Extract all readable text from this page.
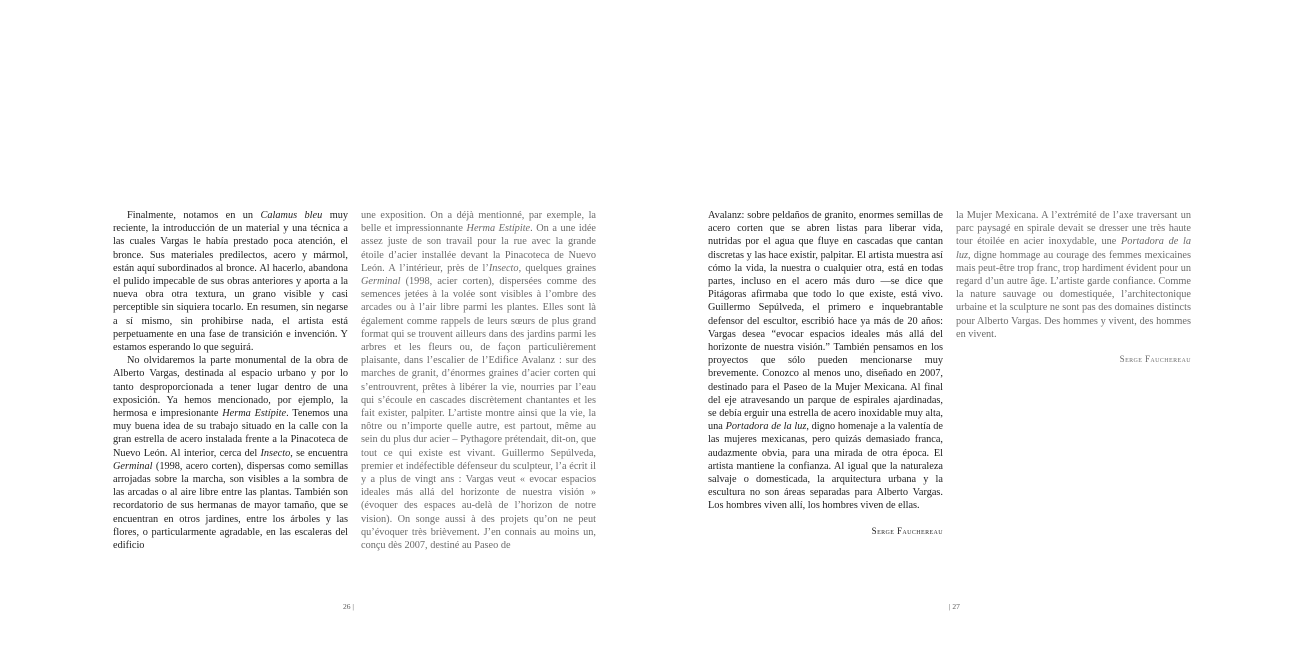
Finalmente, notamos en un Calamus bleu muy reciente, la introducción de un material y una técnica a las cuales Vargas le había prestado poca atención, el bronce. Sus materiales predilectos, acero y mármol, están aquí subordinados al bronce. Al hacerlo, abandona el pulido impecable de sus obras anteriores y aporta a la nueva obra otra textura, un grano visible y casi perceptible sin siquiera tocarlo. En resumen, sin negarse a sí mismo, sin prohibirse nada, el artista está perpetuamente en una fase de transición e invención. Y estamos esperando lo que seguirá.

No olvidaremos la parte monumental de la obra de Alberto Vargas, destinada al espacio urbano y por lo tanto desproporcionada a tener lugar dentro de una exposición. Ya hemos mencionado, por ejemplo, la hermosa e impresionante Herma Estípite. Tenemos una muy buena idea de su trabajo situado en la calle con la gran estrella de acero instalada frente a la Pinacoteca de Nuevo León. Al interior, cerca del Insecto, se encuentra Germinal (1998, acero corten), dispersas como semillas arrojadas sobre la marcha, son visibles a la sombra de las arcadas o al aire libre entre las plantas. También son recordatorio de sus hermanas de mayor tamaño, que se encuentran en otros jardines, entre los árboles y las flores, o particularmente agradable, en las escaleras del edificio

une exposition. On a déjà mentionné, par exemple, la belle et impressionnante Herma Estípite. On a une idée assez juste de son travail pour la rue avec la grande étoile d’acier installée devant la Pinacoteca de Nuevo León. A l’intérieur, près de l’Insecto, quelques graines Germinal (1998, acier corten), dispersées comme des semences jetées à la volée sont visibles à l’ombre des arcades ou à l’air libre parmi les plantes. Elles sont là également comme rappels de leurs sœurs de plus grand format qui se trouvent ailleurs dans des jardins parmi les arbres et les fleurs ou, de façon particulièrement plaisante, dans l’escalier de l’Edifice Avalanz : sur des marches de granit, d’énormes graines d’acier corten qui s’entrouvrent, prêtes à libérer la vie, nourries par l’eau qui s’écoule en cascades discrètement chantantes et les fait exister, palpiter. L’artiste montre ainsi que la vie, la nôtre ou n’importe quelle autre, est partout, même au sein du plus dur acier – Pythagore prétendait, dit-on, que tout ce qui existe est vivant. Guillermo Sepúlveda, premier et indéfectible défenseur du sculpteur, l’a écrit il y a plus de vingt ans : Vargas veut « evocar espacios ideales más allá del horizonte de nuestra visión » (évoquer des espaces au-delà de l’horizon de notre vision). On songe aussi à des projets qu’on ne peut qu’évoquer très brièvement. J’en connais au moins un, conçu dès 2007, destiné au Paseo de

26 |

Avalanz: sobre peldaños de granito, enormes semillas de acero corten que se abren listas para liberar vida, nutridas por el agua que fluye en cascadas que cantan discretas y las hace existir, palpitar. El artista muestra así cómo la vida, la nuestra o cualquier otra, está en todas partes, incluso en el acero más duro —se dice que Pitágoras afirmaba que todo lo que existe, está vivo. Guillermo Sepúlveda, el primero e inquebrantable defensor del escultor, escribió hace ya más de 20 años: Vargas desea “evocar espacios ideales más allá del horizonte de nuestra visión.” También pensamos en los proyectos que sólo pueden mencionarse muy brevemente. Conozco al menos uno, diseñado en 2007, destinado para el Paseo de la Mujer Mexicana. Al final del eje atravesando un parque de espirales ajardinadas, se debía erguir una estrella de acero inoxidable muy alta, una Portadora de la luz, digno homenaje a la valentía de las mujeres mexicanas, pero quizás demasiado franca, audazmente obvia, para una mirada de otra época. El artista mantiene la confianza. Al igual que la naturaleza salvaje o domesticada, la arquitectura urbana y la escultura no son áreas separadas para Alberto Vargas. Los hombres viven allí, los hombres viven de ellas.

Serge Fauchereau

la Mujer Mexicana. A l’extrémité de l’axe traversant un parc paysagé en spirale devait se dresser une très haute tour étoilée en acier inoxydable, une Portadora de la luz, digne hommage au courage des femmes mexicaines mais peut-être trop franc, trop hardiment évident pour un regard d’un autre âge. L’artiste garde confiance. Comme la nature sauvage ou domestiquée, l’architectonique urbaine et la sculpture ne sont pas des domaines distincts pour Alberto Vargas. Des hommes y vivent, des hommes en vivent.

Serge Fauchereau
| 27
